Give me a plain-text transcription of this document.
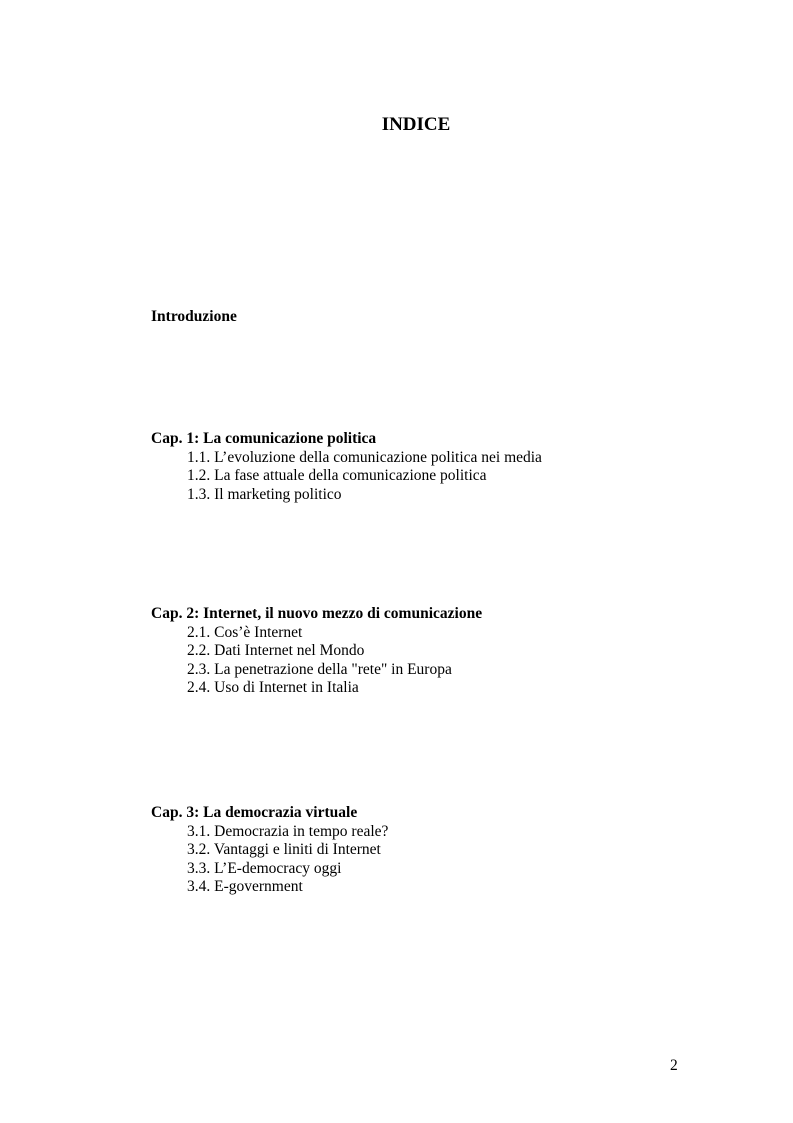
INDICE

Introduzione

Cap. 1: La comunicazione politica
1.1. L’evoluzione della comunicazione politica nei media
1.2. La fase attuale della comunicazione politica
1.3. Il marketing politico
Cap. 2: Internet, il nuovo mezzo di comunicazione
2.1. Cos’è Internet
2.2. Dati Internet nel Mondo
2.3. La penetrazione della "rete" in Europa
2.4. Uso di Internet in Italia
Cap. 3: La democrazia virtuale
3.1. Democrazia in tempo reale?
3.2. Vantaggi e liniti di Internet
3.3. L’E-democracy oggi
3.4. E-government

2
